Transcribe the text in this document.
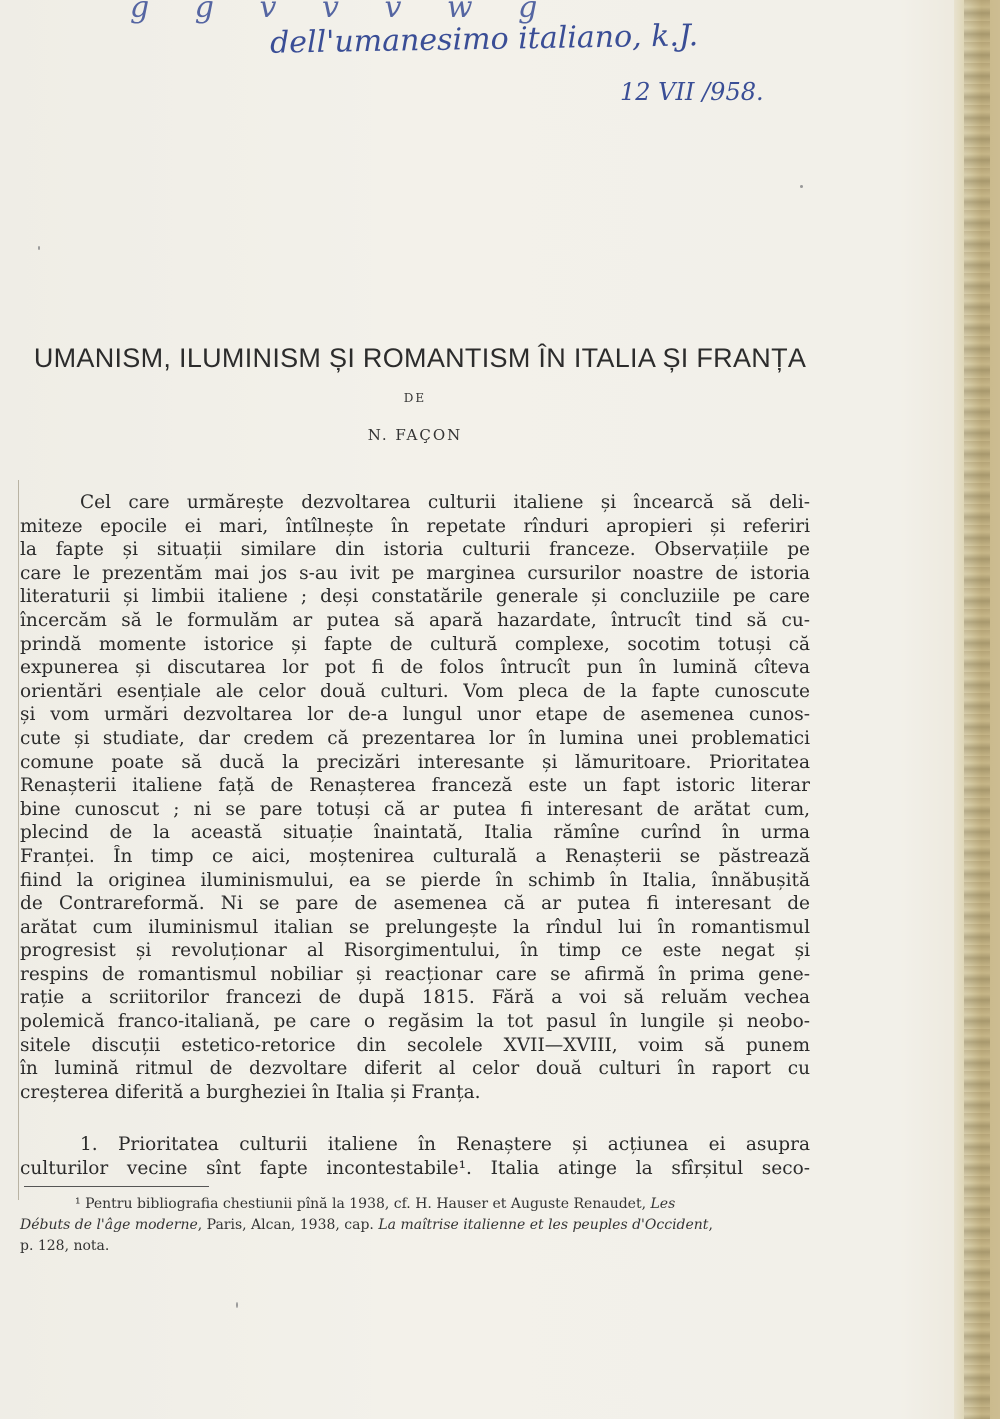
g g v v v w g
dell'umanesimo italiano, k.J.
12 VII /958.
UMANISM, ILUMINISM ȘI ROMANTISM ÎN ITALIA ȘI FRANȚA
DE
N. FAÇON
Cel care urmărește dezvoltarea culturii italiene și încearcă să deli-
miteze epocile ei mari, întîlnește în repetate rînduri apropieri și referiri
la fapte și situații similare din istoria culturii franceze. Observațiile pe
care le prezentăm mai jos s-au ivit pe marginea cursurilor noastre de istoria
literaturii și limbii italiene ; deși constatările generale și concluziile pe care
încercăm să le formulăm ar putea să apară hazardate, întrucît tind să cu-
prindă momente istorice și fapte de cultură complexe, socotim totuși că
expunerea și discutarea lor pot fi de folos întrucît pun în lumină cîteva
orientări esențiale ale celor două culturi. Vom pleca de la fapte cunoscute
și vom urmări dezvoltarea lor de-a lungul unor etape de asemenea cunos-
cute și studiate, dar credem că prezentarea lor în lumina unei problematici
comune poate să ducă la precizări interesante și lămuritoare. Prioritatea
Renașterii italiene față de Renașterea franceză este un fapt istoric literar
bine cunoscut ; ni se pare totuși că ar putea fi interesant de arătat cum,
plecind de la această situație înaintată, Italia rămîne curînd în urma
Franței. În timp ce aici, moștenirea culturală a Renașterii se păstrează
fiind la originea iluminismului, ea se pierde în schimb în Italia, înnăbușită
de Contrareformă. Ni se pare de asemenea că ar putea fi interesant de
arătat cum iluminismul italian se prelungește la rîndul lui în romantismul
progresist și revoluționar al Risorgimentului, în timp ce este negat și
respins de romantismul nobiliar și reacționar care se afirmă în prima gene-
rație a scriitorilor francezi de după 1815. Fără a voi să reluăm vechea
polemică franco-italiană, pe care o regăsim la tot pasul în lungile și neobo-
sitele discuții estetico-retorice din secolele XVII—XVIII, voim să punem
în lumină ritmul de dezvoltare diferit al celor două culturi în raport cu
creșterea diferită a burgheziei în Italia și Franța.
1. Prioritatea culturii italiene în Renaștere și acțiunea ei asupra
culturilor vecine sînt fapte incontestabile¹. Italia atinge la sfîrșitul seco-
¹ Pentru bibliografia chestiunii pînă la 1938, cf. H. Hauser et Auguste Renaudet, Les
Débuts de l'âge moderne, Paris, Alcan, 1938, cap. La maîtrise italienne et les peuples d'Occident,
p. 128, nota.
